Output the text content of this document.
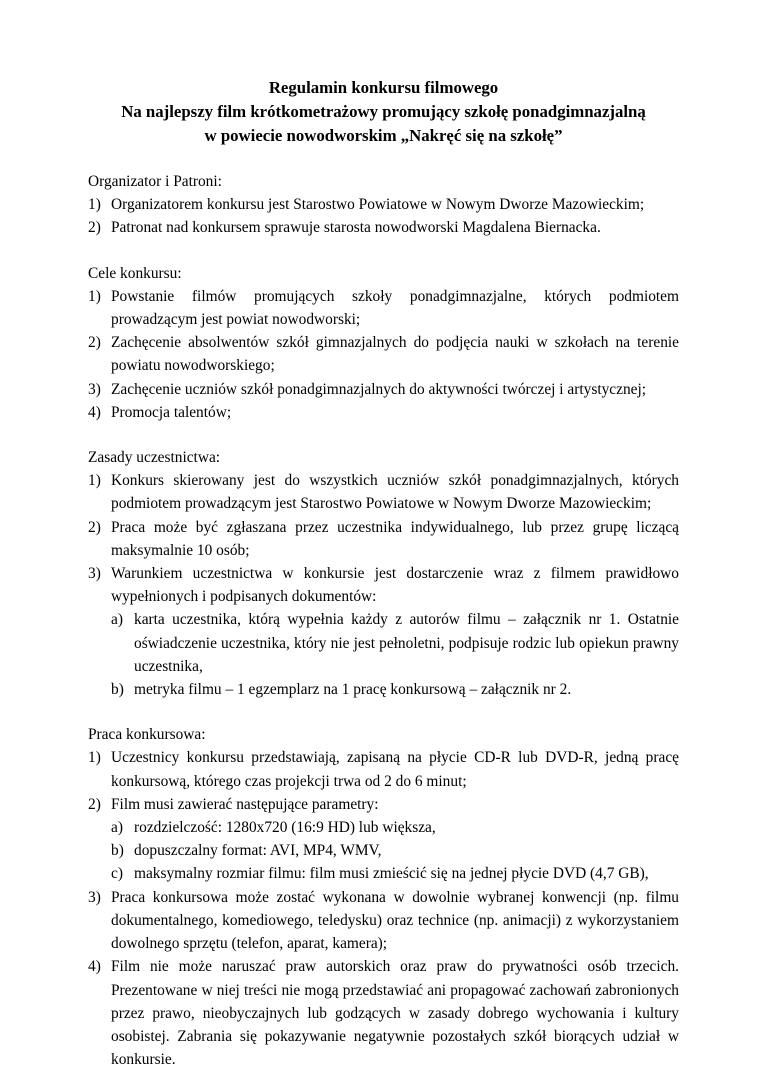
Regulamin konkursu filmowego
Na najlepszy film krótkometrażowy promujący szkołę ponadgimnazjalną
w powiecie nowodworskim „Nakręć się na szkołę”

Organizator i Patroni:

1) Organizatorem konkursu jest Starostwo Powiatowe w Nowym Dworze Mazowieckim;
2) Patronat nad konkursem sprawuje starosta nowodworski Magdalena Biernacka.

Cele konkursu:

1) Powstanie filmów promujących szkoły ponadgimnazjalne, których podmiotem prowadzącym jest powiat nowodworski;
2) Zachęcenie absolwentów szkół gimnazjalnych do podjęcia nauki w szkołach na terenie powiatu nowodworskiego;
3) Zachęcenie uczniów szkół ponadgimnazjalnych do aktywności twórczej i artystycznej;
4) Promocja talentów;

Zasady uczestnictwa:

1) Konkurs skierowany jest do wszystkich uczniów szkół ponadgimnazjalnych, których podmiotem prowadzącym jest Starostwo Powiatowe w Nowym Dworze Mazowieckim;
2) Praca może być zgłaszana przez uczestnika indywidualnego, lub przez grupę liczącą maksymalnie 10 osób;
3) Warunkiem uczestnictwa w konkursie jest dostarczenie wraz z filmem prawidłowo wypełnionych i podpisanych dokumentów:
a) karta uczestnika, którą wypełnia każdy z autorów filmu – załącznik nr 1. Ostatnie oświadczenie uczestnika, który nie jest pełnoletni, podpisuje rodzic lub opiekun prawny uczestnika,
b) metryka filmu – 1 egzemplarz na 1 pracę konkursową – załącznik nr 2.

Praca konkursowa:

1) Uczestnicy konkursu przedstawiają, zapisaną na płycie CD-R lub DVD-R, jedną pracę konkursową, którego czas projekcji trwa od 2 do 6 minut;
2) Film musi zawierać następujące parametry:
a) rozdzielczość: 1280x720 (16:9 HD) lub większa,
b) dopuszczalny format: AVI, MP4, WMV,
c) maksymalny rozmiar filmu: film musi zmieścić się na jednej płycie DVD (4,7 GB),
3) Praca konkursowa może zostać wykonana w dowolnie wybranej konwencji (np. filmu dokumentalnego, komediowego, teledysku) oraz technice (np. animacji) z wykorzystaniem dowolnego sprzętu (telefon, aparat, kamera);
4) Film nie może naruszać praw autorskich oraz praw do prywatności osób trzecich. Prezentowane w niej treści nie mogą przedstawiać ani propagować zachowań zabronionych przez prawo, nieobyczajnych lub godzących w zasady dobrego wychowania i kultury osobistej. Zabrania się pokazywanie negatywnie pozostałych szkół biorących udział w konkursie.
